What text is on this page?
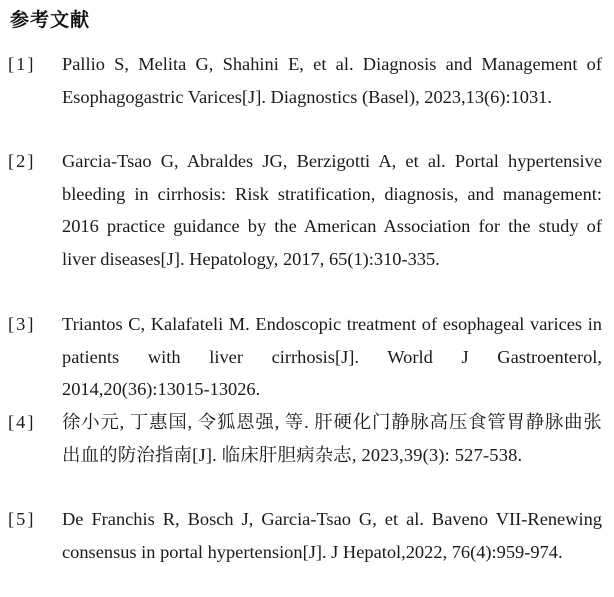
参考文献
[1]	Pallio S, Melita G, Shahini E, et al. Diagnosis and Management of Esophagogastric Varices[J]. Diagnostics (Basel), 2023,13(6):1031.
[2]	Garcia-Tsao G, Abraldes JG, Berzigotti A, et al. Portal hypertensive bleeding in cirrhosis: Risk stratification, diagnosis, and management: 2016 practice guidance by the American Association for the study of liver diseases[J]. Hepatology, 2017, 65(1):310-335.
[3]	Triantos C, Kalafateli M. Endoscopic treatment of esophageal varices in patients with liver cirrhosis[J]. World J Gastroenterol, 2014,20(36):13015-13026.
[4]	徐小元, 丁惠国, 令狐恩强, 等. 肝硬化门静脉高压食管胃静脉曲张出血的防治指南[J]. 临床肝胆病杂志, 2023,39(3): 527-538.
[5]	De Franchis R, Bosch J, Garcia-Tsao G, et al. Baveno VII-Renewing consensus in portal hypertension[J]. J Hepatol,2022, 76(4):959-974.
